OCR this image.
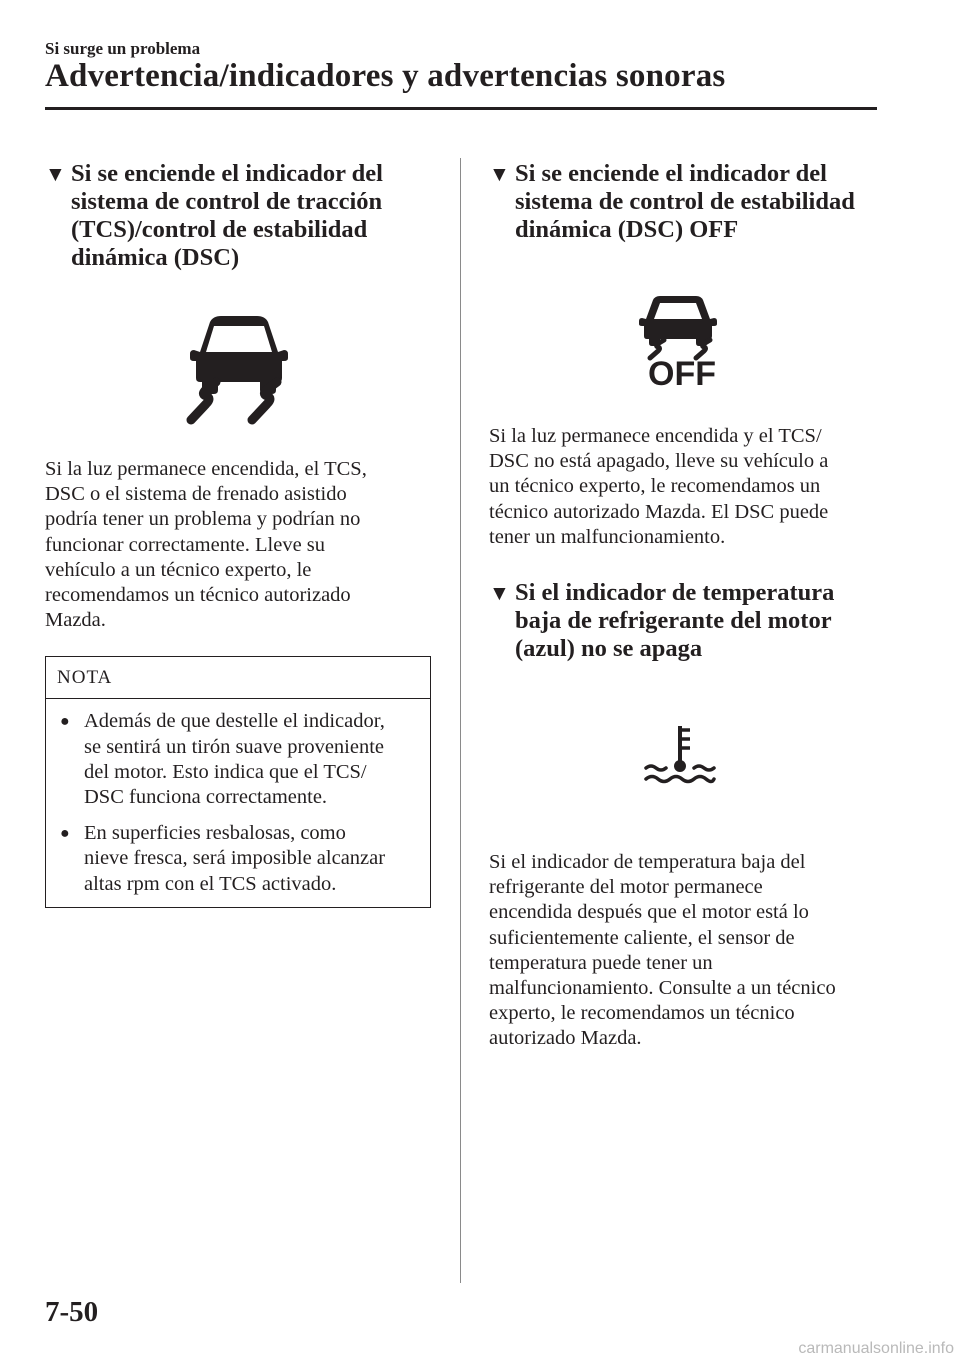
Si surge un problema
Advertencia/indicadores y advertencias sonoras
▼ Si se enciende el indicador del
sistema de control de tracción
(TCS)/control de estabilidad
dinámica (DSC)

Si la luz permanece encendida, el TCS,

DSC o el sistema de frenado asistido

podría tener un problema y podrían no

funcionar correctamente. Lleve su

vehículo a un técnico experto, le

recomendamos un técnico autorizado

Mazda.

NOTA
● Además de que destelle el indicador,
se sentirá un tirón suave proveniente
del motor. Esto indica que el TCS/
DSC funciona correctamente.
● En superficies resbalosas, como
nieve fresca, será imposible alcanzar
altas rpm con el TCS activado.
▼ Si se enciende el indicador del
sistema de control de estabilidad
dinámica (DSC) OFF
OFF

Si la luz permanece encendida y el TCS/

DSC no está apagado, lleve su vehículo a

un técnico experto, le recomendamos un

técnico autorizado Mazda. El DSC puede

tener un malfuncionamiento.

▼ Si el indicador de temperatura
baja de refrigerante del motor
(azul) no se apaga

Si el indicador de temperatura baja del

refrigerante del motor permanece

encendida después que el motor está lo

suficientemente caliente, el sensor de

temperatura puede tener un

malfuncionamiento. Consulte a un técnico

experto, le recomendamos un técnico

autorizado Mazda.

7-50
carmanualsonline.info
